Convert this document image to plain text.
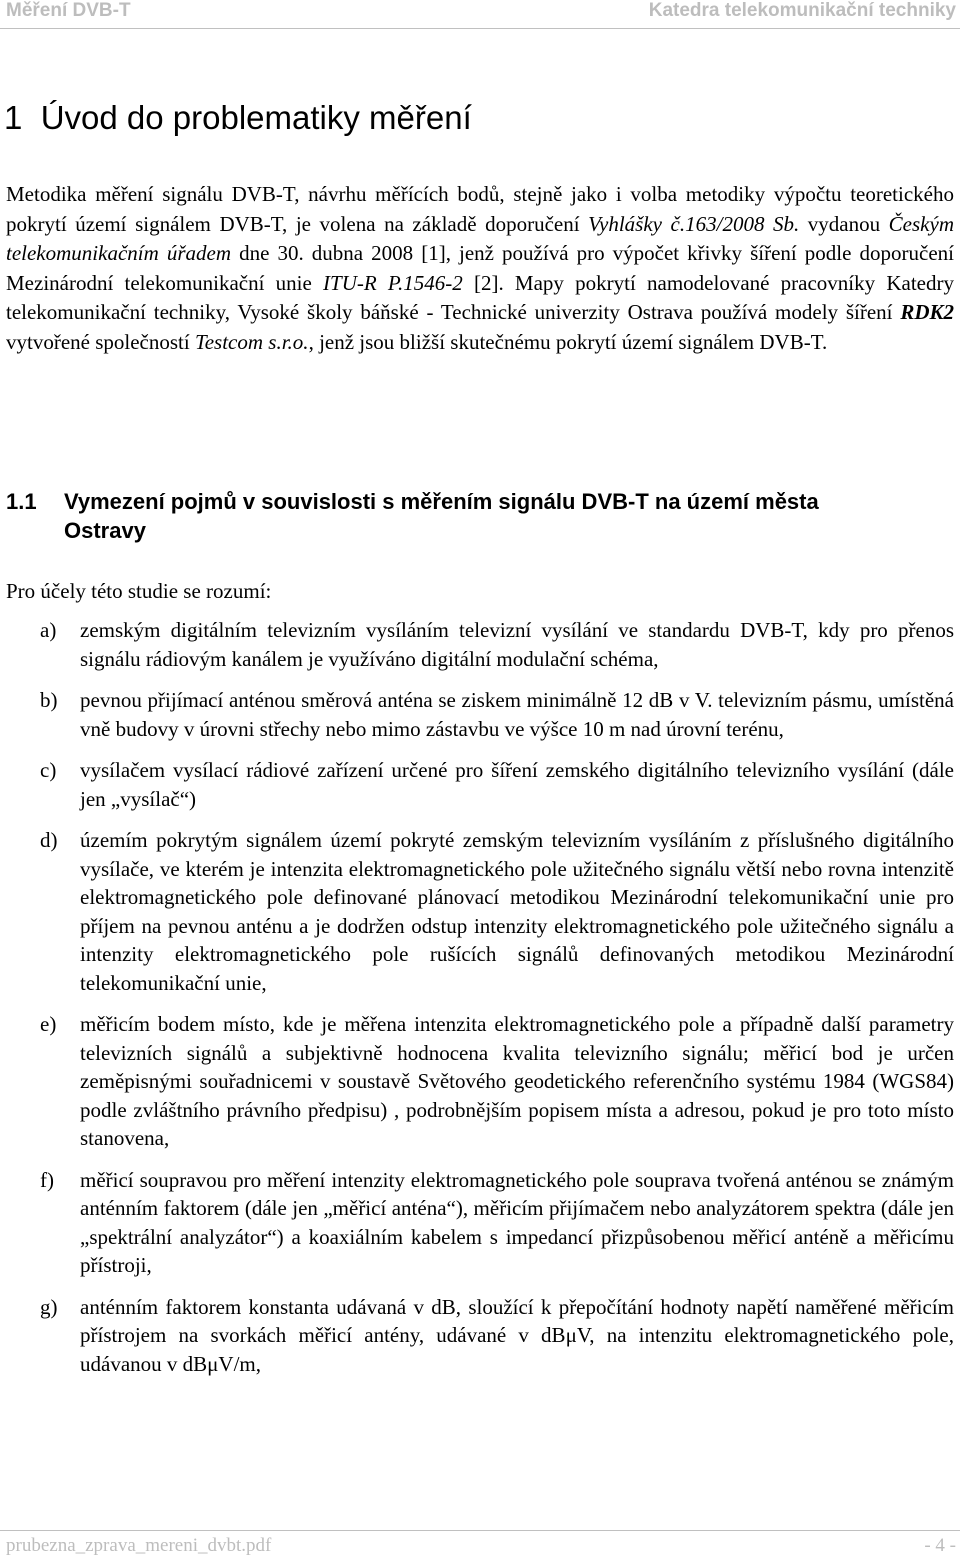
Měření DVB-T	Katedra telekomunikační techniky
1 Úvod do problematiky měření

Metodika měření signálu DVB-T, návrhu měřících bodů, stejně jako i volba metodiky výpočtu teoretického pokrytí území signálem DVB-T, je volena na základě doporučení Vyhlášky č.163/2008 Sb. vydanou Českým telekomunikačním úřadem dne 30. dubna 2008 [1], jenž používá pro výpočet křivky šíření podle doporučení Mezinárodní telekomunikační unie ITU-R P.1546-2 [2]. Mapy pokrytí namodelované pracovníky Katedry telekomunikační techniky, Vysoké školy báňské - Technické univerzity Ostrava používá modely šíření RDK2 vytvořené společností Testcom s.r.o., jenž jsou bližší skutečnému pokrytí území signálem DVB-T.

1.1 Vymezení pojmů v souvislosti s měřením signálu DVB-T na území města
Ostravy

Pro účely této studie se rozumí:

a) zemským digitálním televizním vysíláním televizní vysílání ve standardu DVB-T, kdy pro přenos signálu rádiovým kanálem je využíváno digitální modulační schéma,
b) pevnou přijímací anténou směrová anténa se ziskem minimálně 12 dB v V. televizním pásmu, umístěná vně budovy v úrovni střechy nebo mimo zástavbu ve výšce 10 m nad úrovní terénu,
c) vysílačem vysílací rádiové zařízení určené pro šíření zemského digitálního televizního vysílání (dále jen „vysílač“)
d) územím pokrytým signálem území pokryté zemským televizním vysíláním z příslušného digitálního vysílače, ve kterém je intenzita elektromagnetického pole užitečného signálu větší nebo rovna intenzitě elektromagnetického pole definované plánovací metodikou Mezinárodní telekomunikační unie pro příjem na pevnou anténu a je dodržen odstup intenzity elektromagnetického pole užitečného signálu a intenzity elektromagnetického pole rušících signálů definovaných metodikou Mezinárodní telekomunikační unie,
e) měřicím bodem místo, kde je měřena intenzita elektromagnetického pole a případně další parametry televizních signálů a subjektivně hodnocena kvalita televizního signálu; měřicí bod je určen zeměpisnými souřadnicemi v soustavě Světového geodetického referenčního systému 1984 (WGS84) podle zvláštního právního předpisu) , podrobnějším popisem místa a adresou, pokud je pro toto místo stanovena,
f) měřicí soupravou pro měření intenzity elektromagnetického pole souprava tvořená anténou se známým anténním faktorem (dále jen „měřicí anténa“), měřicím přijímačem nebo analyzátorem spektra (dále jen „spektrální analyzátor“) a koaxiálním kabelem s impedancí přizpůsobenou měřicí anténě a měřicímu přístroji,
g) anténním faktorem konstanta udávaná v dB, sloužící k přepočítání hodnoty napětí naměřené měřicím přístrojem na svorkách měřicí antény, udávané v dBμV, na intenzitu elektromagnetického pole, udávanou v dBμV/m,
prubezna_zprava_mereni_dvbt.pdf	- 4 -
